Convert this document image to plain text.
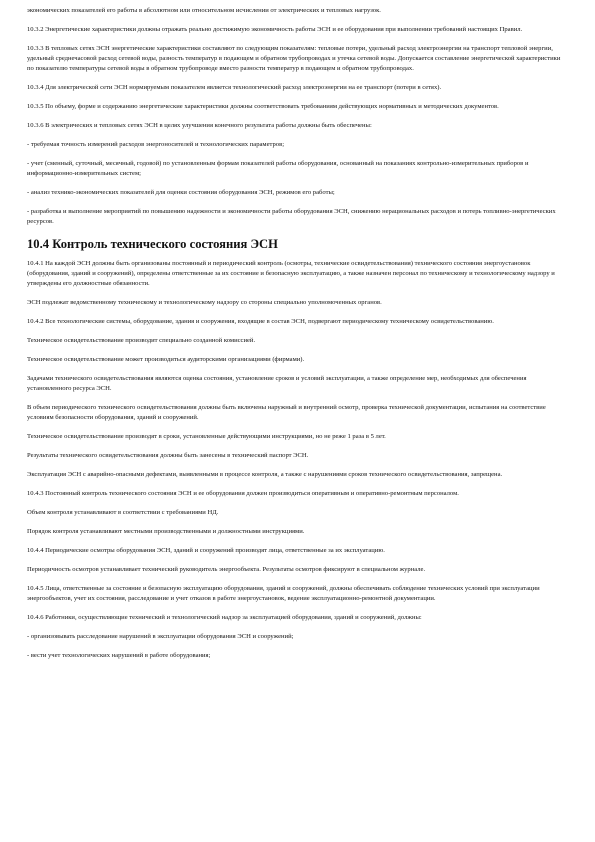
экономических показателей его работы в абсолютном или относительном исчислении от электрических и тепловых нагрузок.

10.3.2 Энергетические характеристики должны отражать реально достижимую экономичность работы ЭСН и ее оборудования при выполнении требований настоящих Правил.

10.3.3 В тепловых сетях ЭСН энергетические характеристики составляют по следующим показателям: тепловые потери, удельный расход электроэнергии на транспорт тепловой энергии, удельный среднечасовой расход сетевой воды, разность температур в подающем и обратном трубопроводах и утечка сетевой воды. Допускается составление энергетической характеристики по показателю температуры сетевой воды в обратном трубопроводе вместо разности температур в подающем и обратном трубопроводах.

10.3.4 Для электрической сети ЭСН нормируемым показателем является технологический расход электроэнергии на ее транспорт (потери в сетях).

10.3.5 По объему, форме и содержанию энергетические характеристики должны соответствовать требованиям действующих нормативных и методических документов.

10.3.6 В электрических и тепловых сетях ЭСН в целях улучшения конечного результата работы должны быть обеспечены:

- требуемая точность измерений расходов энергоносителей и технологических параметров;

- учет (сменный, суточный, месячный, годовой) по установленным формам показателей работы оборудования, основанный на показаниях контрольно-измерительных приборов и информационно-измерительных систем;

- анализ технико-экономических показателей для оценки состояния оборудования ЭСН, режимов его работы;

- разработка и выполнение мероприятий по повышению надежности и экономичности работы оборудования ЭСН, снижению нерациональных расходов и потерь топливно-энергетических ресурсов.

10.4 Контроль технического состояния ЭСН

10.4.1 На каждой ЭСН должны быть организованы постоянный и периодический контроль (осмотры, технические освидетельствования) технического состояния энергоустановок (оборудования, зданий и сооружений), определены ответственные за их состояние и безопасную эксплуатацию, а также назначен персонал по техническому и технологическому надзору и утверждены его должностные обязанности.

ЭСН подлежат ведомственному техническому и технологическому надзору со стороны специально уполномоченных органов.

10.4.2 Все технологические системы, оборудование, здания и сооружения, входящие в состав ЭСН, подвергают периодическому техническому освидетельствованию.

Техническое освидетельствование производит специально созданной комиссией.

Техническое освидетельствование может производиться аудиторскими организациями (фирмами).

Задачами технического освидетельствования являются оценка состояния, установление сроков и условий эксплуатации, а также определение мер, необходимых для обеспечения установленного ресурса ЭСН.

В объем периодического технического освидетельствования должны быть включены наружный и внутренний осмотр, проверка технической документации, испытания на соответствие условиям безопасности оборудования, зданий и сооружений.

Техническое освидетельствование производят в сроки, установленные действующими инструкциями, но не реже 1 раза в 5 лет.

Результаты технического освидетельствования должны быть занесены в технический паспорт ЭСН.

Эксплуатация ЭСН с аварийно-опасными дефектами, выявленными в процессе контроля, а также с нарушениями сроков технического освидетельствования, запрещена.

10.4.3 Постоянный контроль технического состояния ЭСН и ее оборудования должен производиться оперативным и оперативно-ремонтным персоналом.

Объем контроля устанавливают в соответствии с требованиями НД.

Порядок контроля устанавливают местными производственными и должностными инструкциями.

10.4.4 Периодические осмотры оборудования ЭСН, зданий и сооружений производят лица, ответственные за их эксплуатацию.

Периодичность осмотров устанавливает технический руководитель энергообъекта. Результаты осмотров фиксируют в специальном журнале.

10.4.5 Лица, ответственные за состояние и безопасную эксплуатацию оборудования, зданий и сооружений, должны обеспечивать соблюдение технических условий при эксплуатации энергообъектов, учет их состояния, расследование и учет отказов в работе энергоустановок, ведение эксплуатационно-ремонтной документации.

10.4.6 Работники, осуществляющие технический и технологический надзор за эксплуатацией оборудования, зданий и сооружений, должны:

- организовывать расследование нарушений в эксплуатации оборудования ЭСН и сооружений;

- вести учет технологических нарушений в работе оборудования;
